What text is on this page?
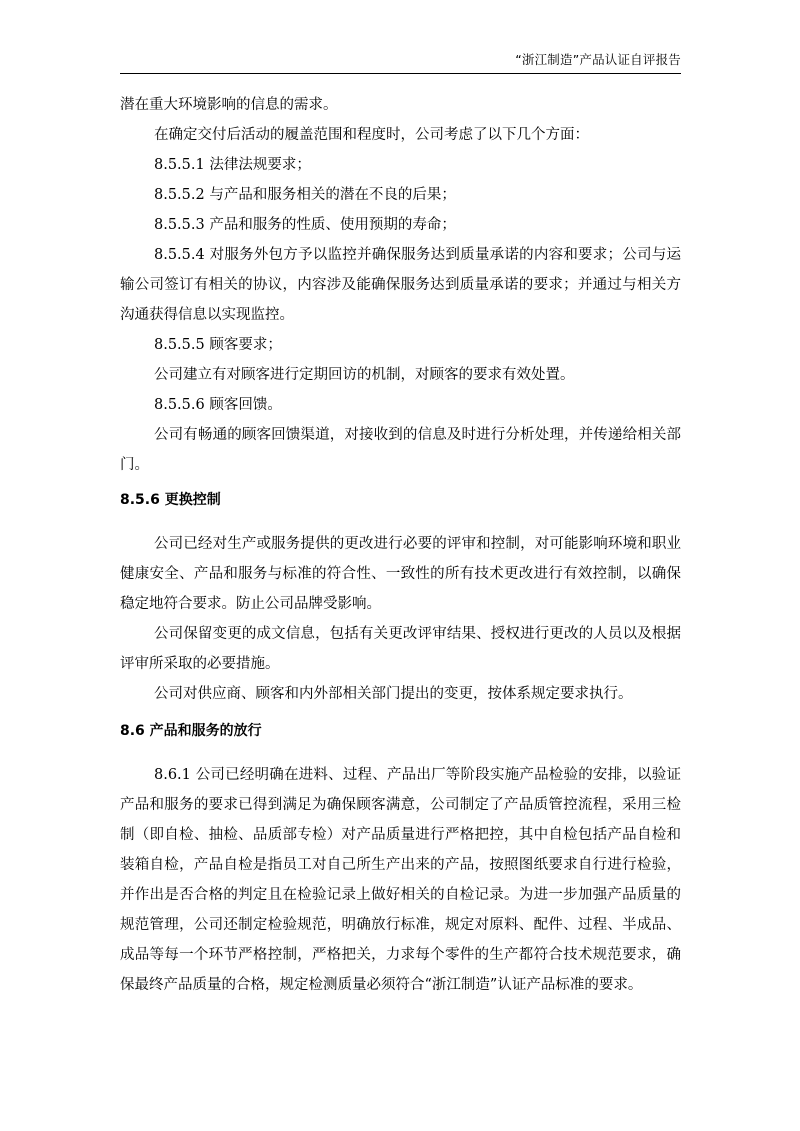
“浙江制造”产品认证自评报告

潜在重大环境影响的信息的需求。

在确定交付后活动的履盖范围和程度时，公司考虑了以下几个方面：

8.5.5.1 法律法规要求；

8.5.5.2 与产品和服务相关的潜在不良的后果；

8.5.5.3 产品和服务的性质、使用预期的寿命；

8.5.5.4 对服务外包方予以监控并确保服务达到质量承诺的内容和要求；公司与运输公司签订有相关的协议，内容涉及能确保服务达到质量承诺的要求；并通过与相关方沟通获得信息以实现监控。

8.5.5.5 顾客要求；

公司建立有对顾客进行定期回访的机制，对顾客的要求有效处置。

8.5.5.6 顾客回馈。

公司有畅通的顾客回馈渠道，对接收到的信息及时进行分析处理，并传递给相关部门。

8.5.6 更换控制

公司已经对生产或服务提供的更改进行必要的评审和控制，对可能影响环境和职业健康安全、产品和服务与标准的符合性、一致性的所有技术更改进行有效控制，以确保稳定地符合要求。防止公司品牌受影响。

公司保留变更的成文信息，包括有关更改评审结果、授权进行更改的人员以及根据评审所采取的必要措施。

公司对供应商、顾客和内外部相关部门提出的变更，按体系规定要求执行。

8.6 产品和服务的放行

8.6.1 公司已经明确在进料、过程、产品出厂等阶段实施产品检验的安排，以验证产品和服务的要求已得到满足为确保顾客满意，公司制定了产品质管控流程，采用三检制（即自检、抽检、品质部专检）对产品质量进行严格把控，其中自检包括产品自检和装箱自检，产品自检是指员工对自己所生产出来的产品，按照图纸要求自行进行检验，并作出是否合格的判定且在检验记录上做好相关的自检记录。为进一步加强产品质量的规范管理，公司还制定检验规范，明确放行标准，规定对原料、配件、过程、半成品、成品等每一个环节严格控制，严格把关，力求每个零件的生产都符合技术规范要求，确保最终产品质量的合格，规定检测质量必须符合“浙江制造”认证产品标准的要求。
